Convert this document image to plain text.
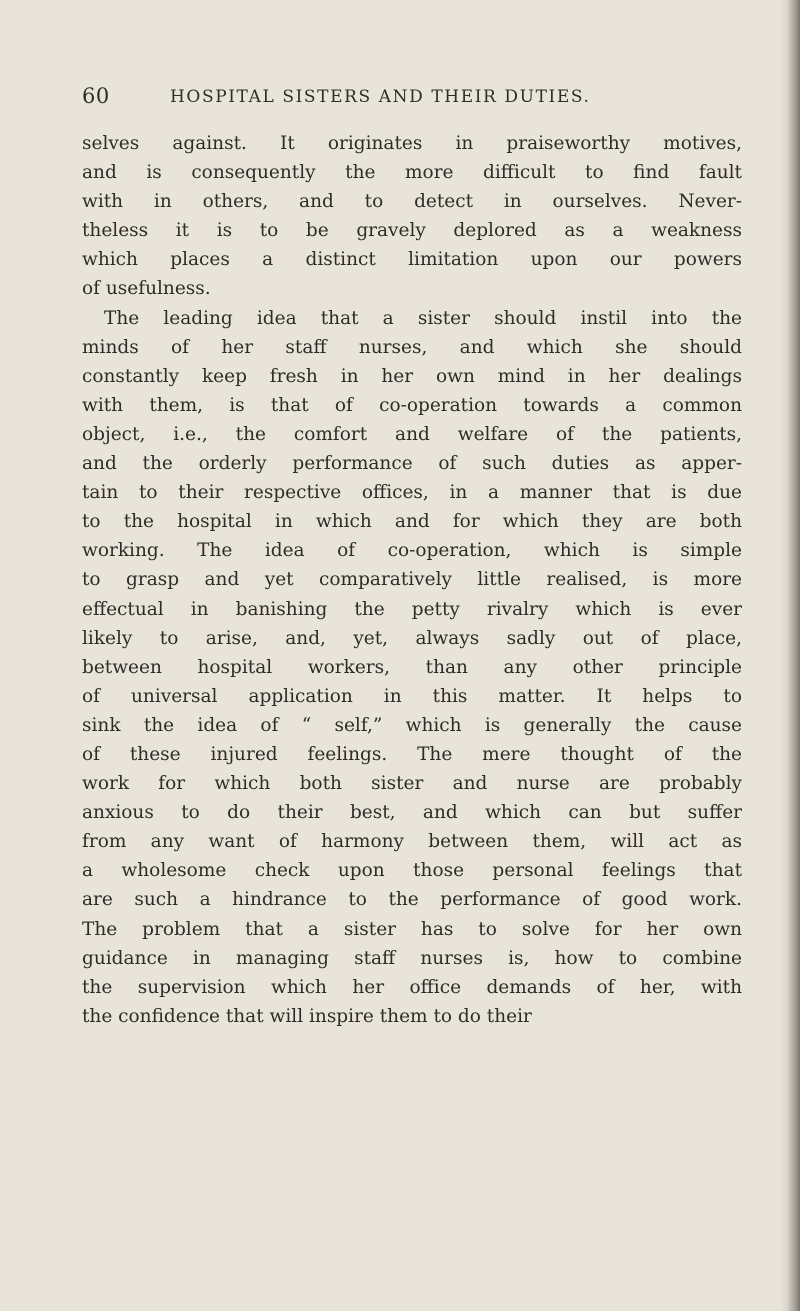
60	HOSPITAL SISTERS AND THEIR DUTIES.
selves against. It originates in praiseworthy motives,
and is consequently the more difficult to find fault
with in others, and to detect in ourselves. Never-
theless it is to be gravely deplored as a weakness
which places a distinct limitation upon our powers
of usefulness.
The leading idea that a sister should instil into the
minds of her staff nurses, and which she should
constantly keep fresh in her own mind in her dealings
with them, is that of co-operation towards a common
object, i.e., the comfort and welfare of the patients,
and the orderly performance of such duties as apper-
tain to their respective offices, in a manner that is due
to the hospital in which and for which they are both
working. The idea of co-operation, which is simple
to grasp and yet comparatively little realised, is more
effectual in banishing the petty rivalry which is ever
likely to arise, and, yet, always sadly out of place,
between hospital workers, than any other principle
of universal application in this matter. It helps to
sink the idea of “ self,” which is generally the cause
of these injured feelings. The mere thought of the
work for which both sister and nurse are probably
anxious to do their best, and which can but suffer
from any want of harmony between them, will act as
a wholesome check upon those personal feelings that
are such a hindrance to the performance of good work.
The problem that a sister has to solve for her own
guidance in managing staff nurses is, how to combine
the supervision which her office demands of her, with
the confidence that will inspire them to do their
